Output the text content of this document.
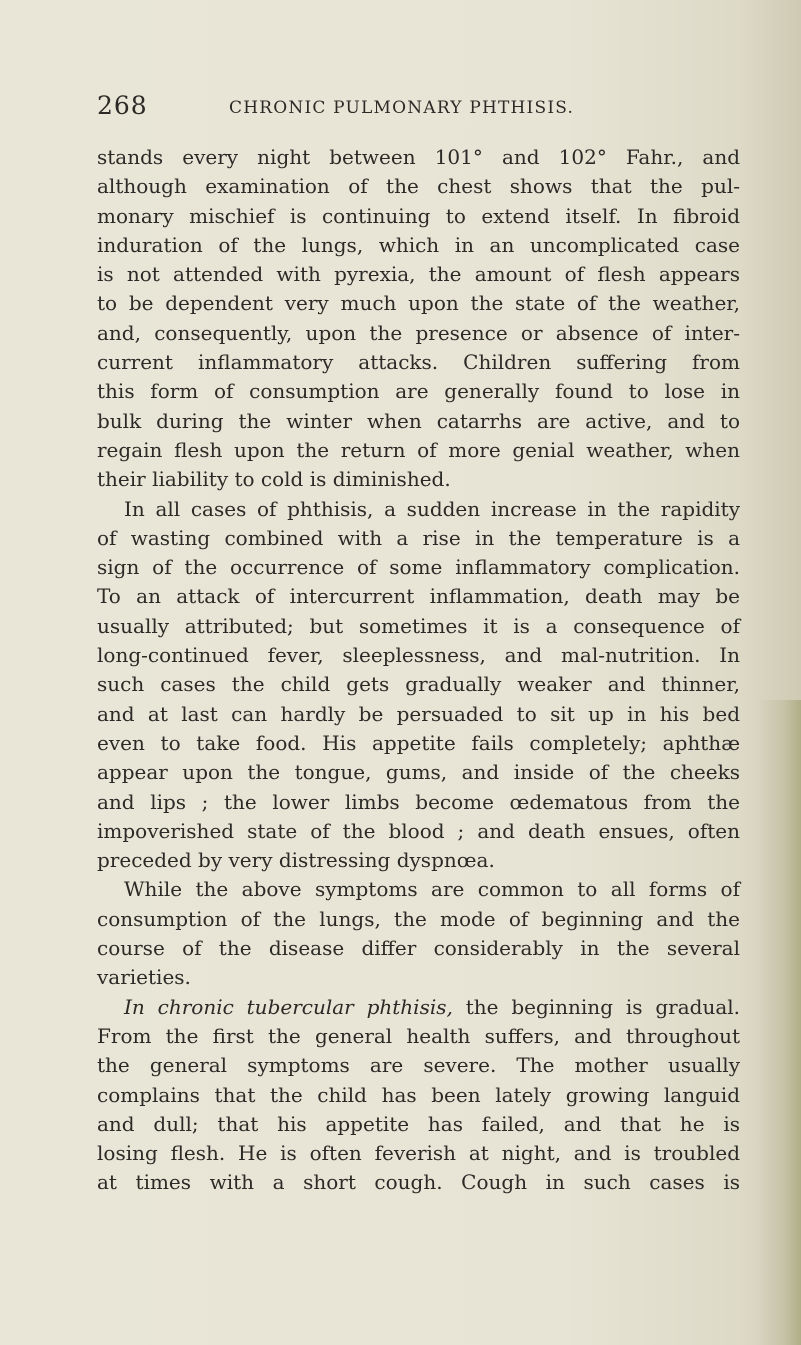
268	CHRONIC PULMONARY PHTHISIS.
stands every night between 101° and 102° Fahr., and
although examination of the chest shows that the pul-
monary mischief is continuing to extend itself. In fibroid
induration of the lungs, which in an uncomplicated case
is not attended with pyrexia, the amount of flesh appears
to be dependent very much upon the state of the weather,
and, consequently, upon the presence or absence of inter-
current inflammatory attacks. Children suffering from
this form of consumption are generally found to lose in
bulk during the winter when catarrhs are active, and to
regain flesh upon the return of more genial weather, when
their liability to cold is diminished.
In all cases of phthisis, a sudden increase in the rapidity
of wasting combined with a rise in the temperature is a
sign of the occurrence of some inflammatory complication.
To an attack of intercurrent inflammation, death may be
usually attributed; but sometimes it is a consequence of
long-continued fever, sleeplessness, and mal-nutrition. In
such cases the child gets gradually weaker and thinner,
and at last can hardly be persuaded to sit up in his bed
even to take food. His appetite fails completely; aphthæ
appear upon the tongue, gums, and inside of the cheeks
and lips ; the lower limbs become œdematous from the
impoverished state of the blood ; and death ensues, often
preceded by very distressing dyspnœa.
While the above symptoms are common to all forms of
consumption of the lungs, the mode of beginning and the
course of the disease differ considerably in the several
varieties.
In chronic tubercular phthisis, the beginning is gradual.
From the first the general health suffers, and throughout
the general symptoms are severe. The mother usually
complains that the child has been lately growing languid
and dull; that his appetite has failed, and that he is
losing flesh. He is often feverish at night, and is troubled
at times with a short cough. Cough in such cases is
